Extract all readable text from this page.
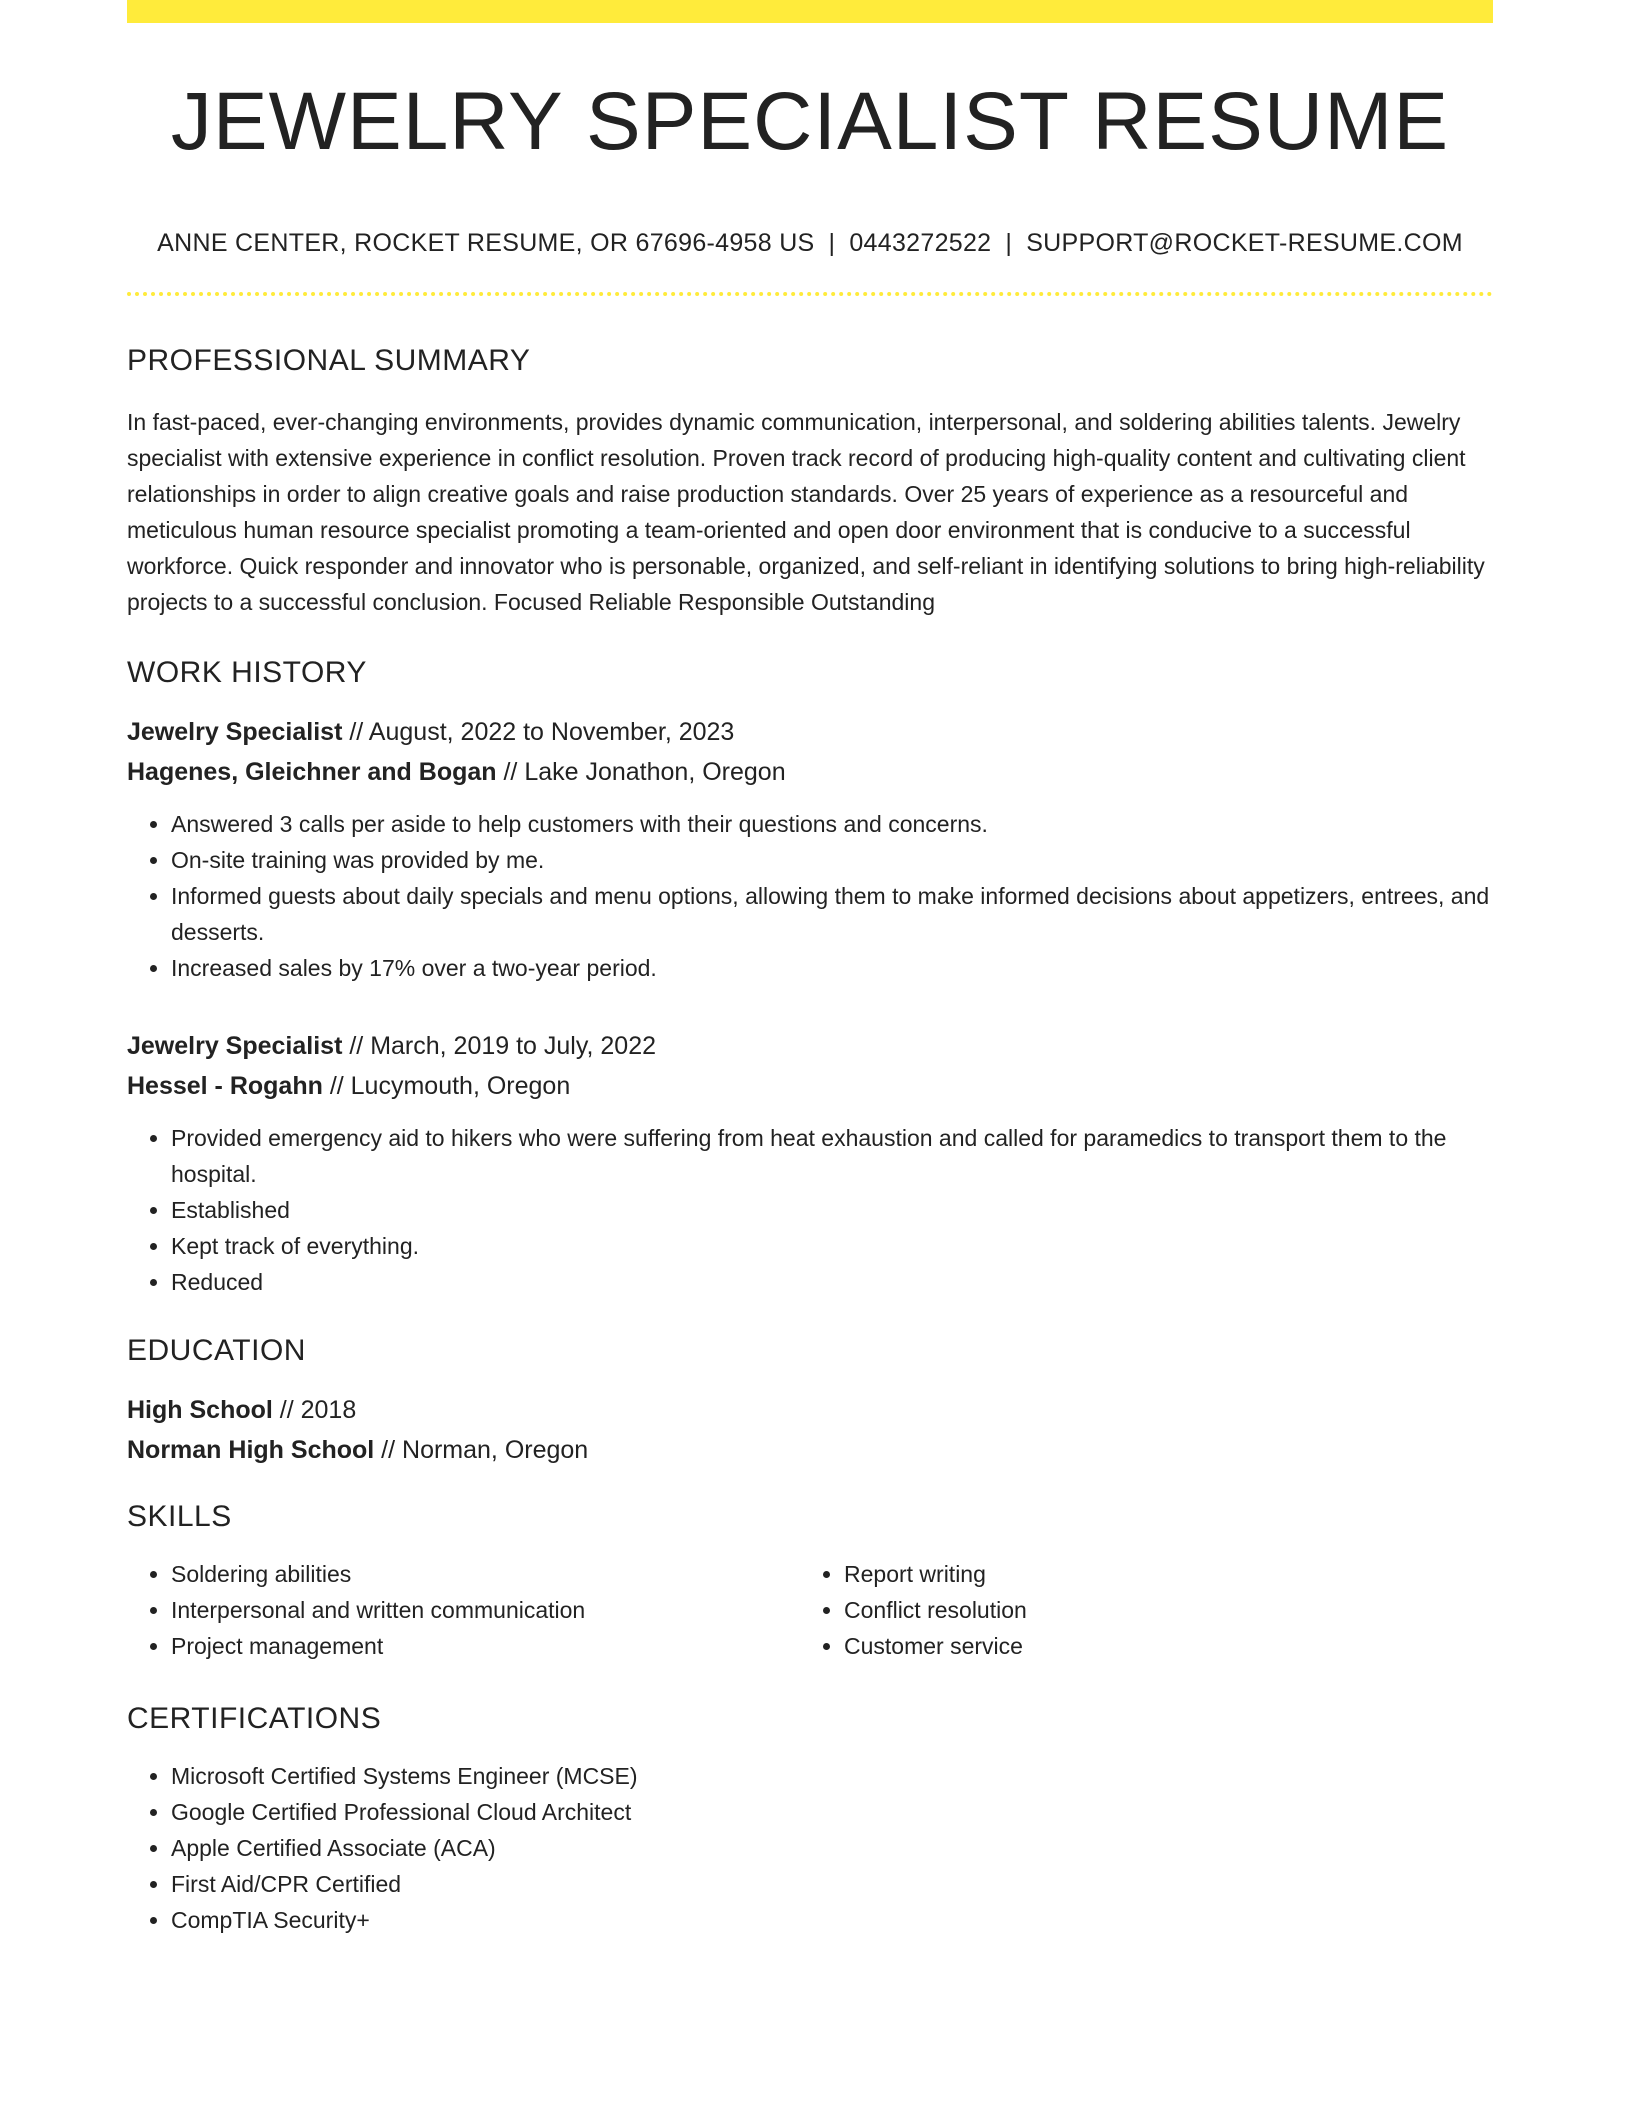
JEWELRY SPECIALIST RESUME
ANNE CENTER, ROCKET RESUME, OR 67696-4958 US | 0443272522 | SUPPORT@ROCKET-RESUME.COM
PROFESSIONAL SUMMARY
In fast-paced, ever-changing environments, provides dynamic communication, interpersonal, and soldering abilities talents. Jewelry specialist with extensive experience in conflict resolution. Proven track record of producing high-quality content and cultivating client relationships in order to align creative goals and raise production standards. Over 25 years of experience as a resourceful and meticulous human resource specialist promoting a team-oriented and open door environment that is conducive to a successful workforce. Quick responder and innovator who is personable, organized, and self-reliant in identifying solutions to bring high-reliability projects to a successful conclusion. Focused Reliable Responsible Outstanding
WORK HISTORY
Jewelry Specialist // August, 2022 to November, 2023
Hagenes, Gleichner and Bogan // Lake Jonathon, Oregon
• Answered 3 calls per aside to help customers with their questions and concerns.
• On-site training was provided by me.
• Informed guests about daily specials and menu options, allowing them to make informed decisions about appetizers, entrees, and desserts.
• Increased sales by 17% over a two-year period.
Jewelry Specialist // March, 2019 to July, 2022
Hessel - Rogahn // Lucymouth, Oregon
• Provided emergency aid to hikers who were suffering from heat exhaustion and called for paramedics to transport them to the hospital.
• Established
• Kept track of everything.
• Reduced
EDUCATION
High School // 2018
Norman High School // Norman, Oregon
SKILLS
• Soldering abilities
• Interpersonal and written communication
• Project management
• Report writing
• Conflict resolution
• Customer service
CERTIFICATIONS
• Microsoft Certified Systems Engineer (MCSE)
• Google Certified Professional Cloud Architect
• Apple Certified Associate (ACA)
• First Aid/CPR Certified
• CompTIA Security+
